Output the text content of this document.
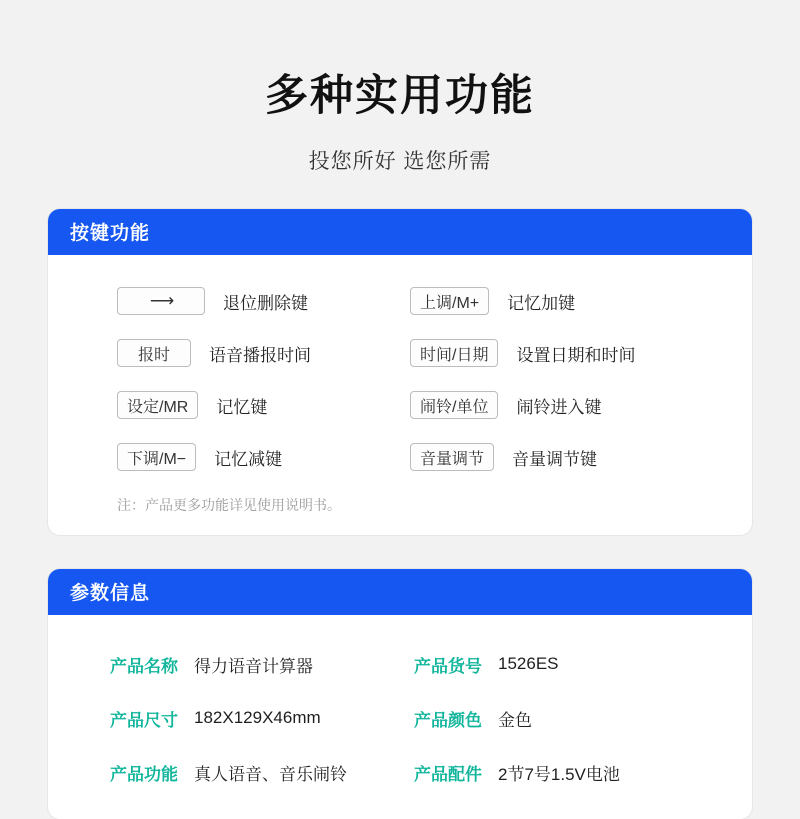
多种实用功能

投您所好 选您所需

按键功能
⟶	退位删除键	上调/M+	记忆加键
报时	语音播报时间	时间/日期	设置日期和时间
设定/MR	记忆键	闹铃/单位	闹铃进入键
下调/M−	记忆减键	音量调节	音量调节键
注：产品更多功能详见使用说明书。
参数信息
产品名称 得力语音计算器	产品货号 1526ES
产品尺寸 182X129X46mm	产品颜色 金色
产品功能 真人语音、音乐闹铃	产品配件 2节7号1.5V电池
